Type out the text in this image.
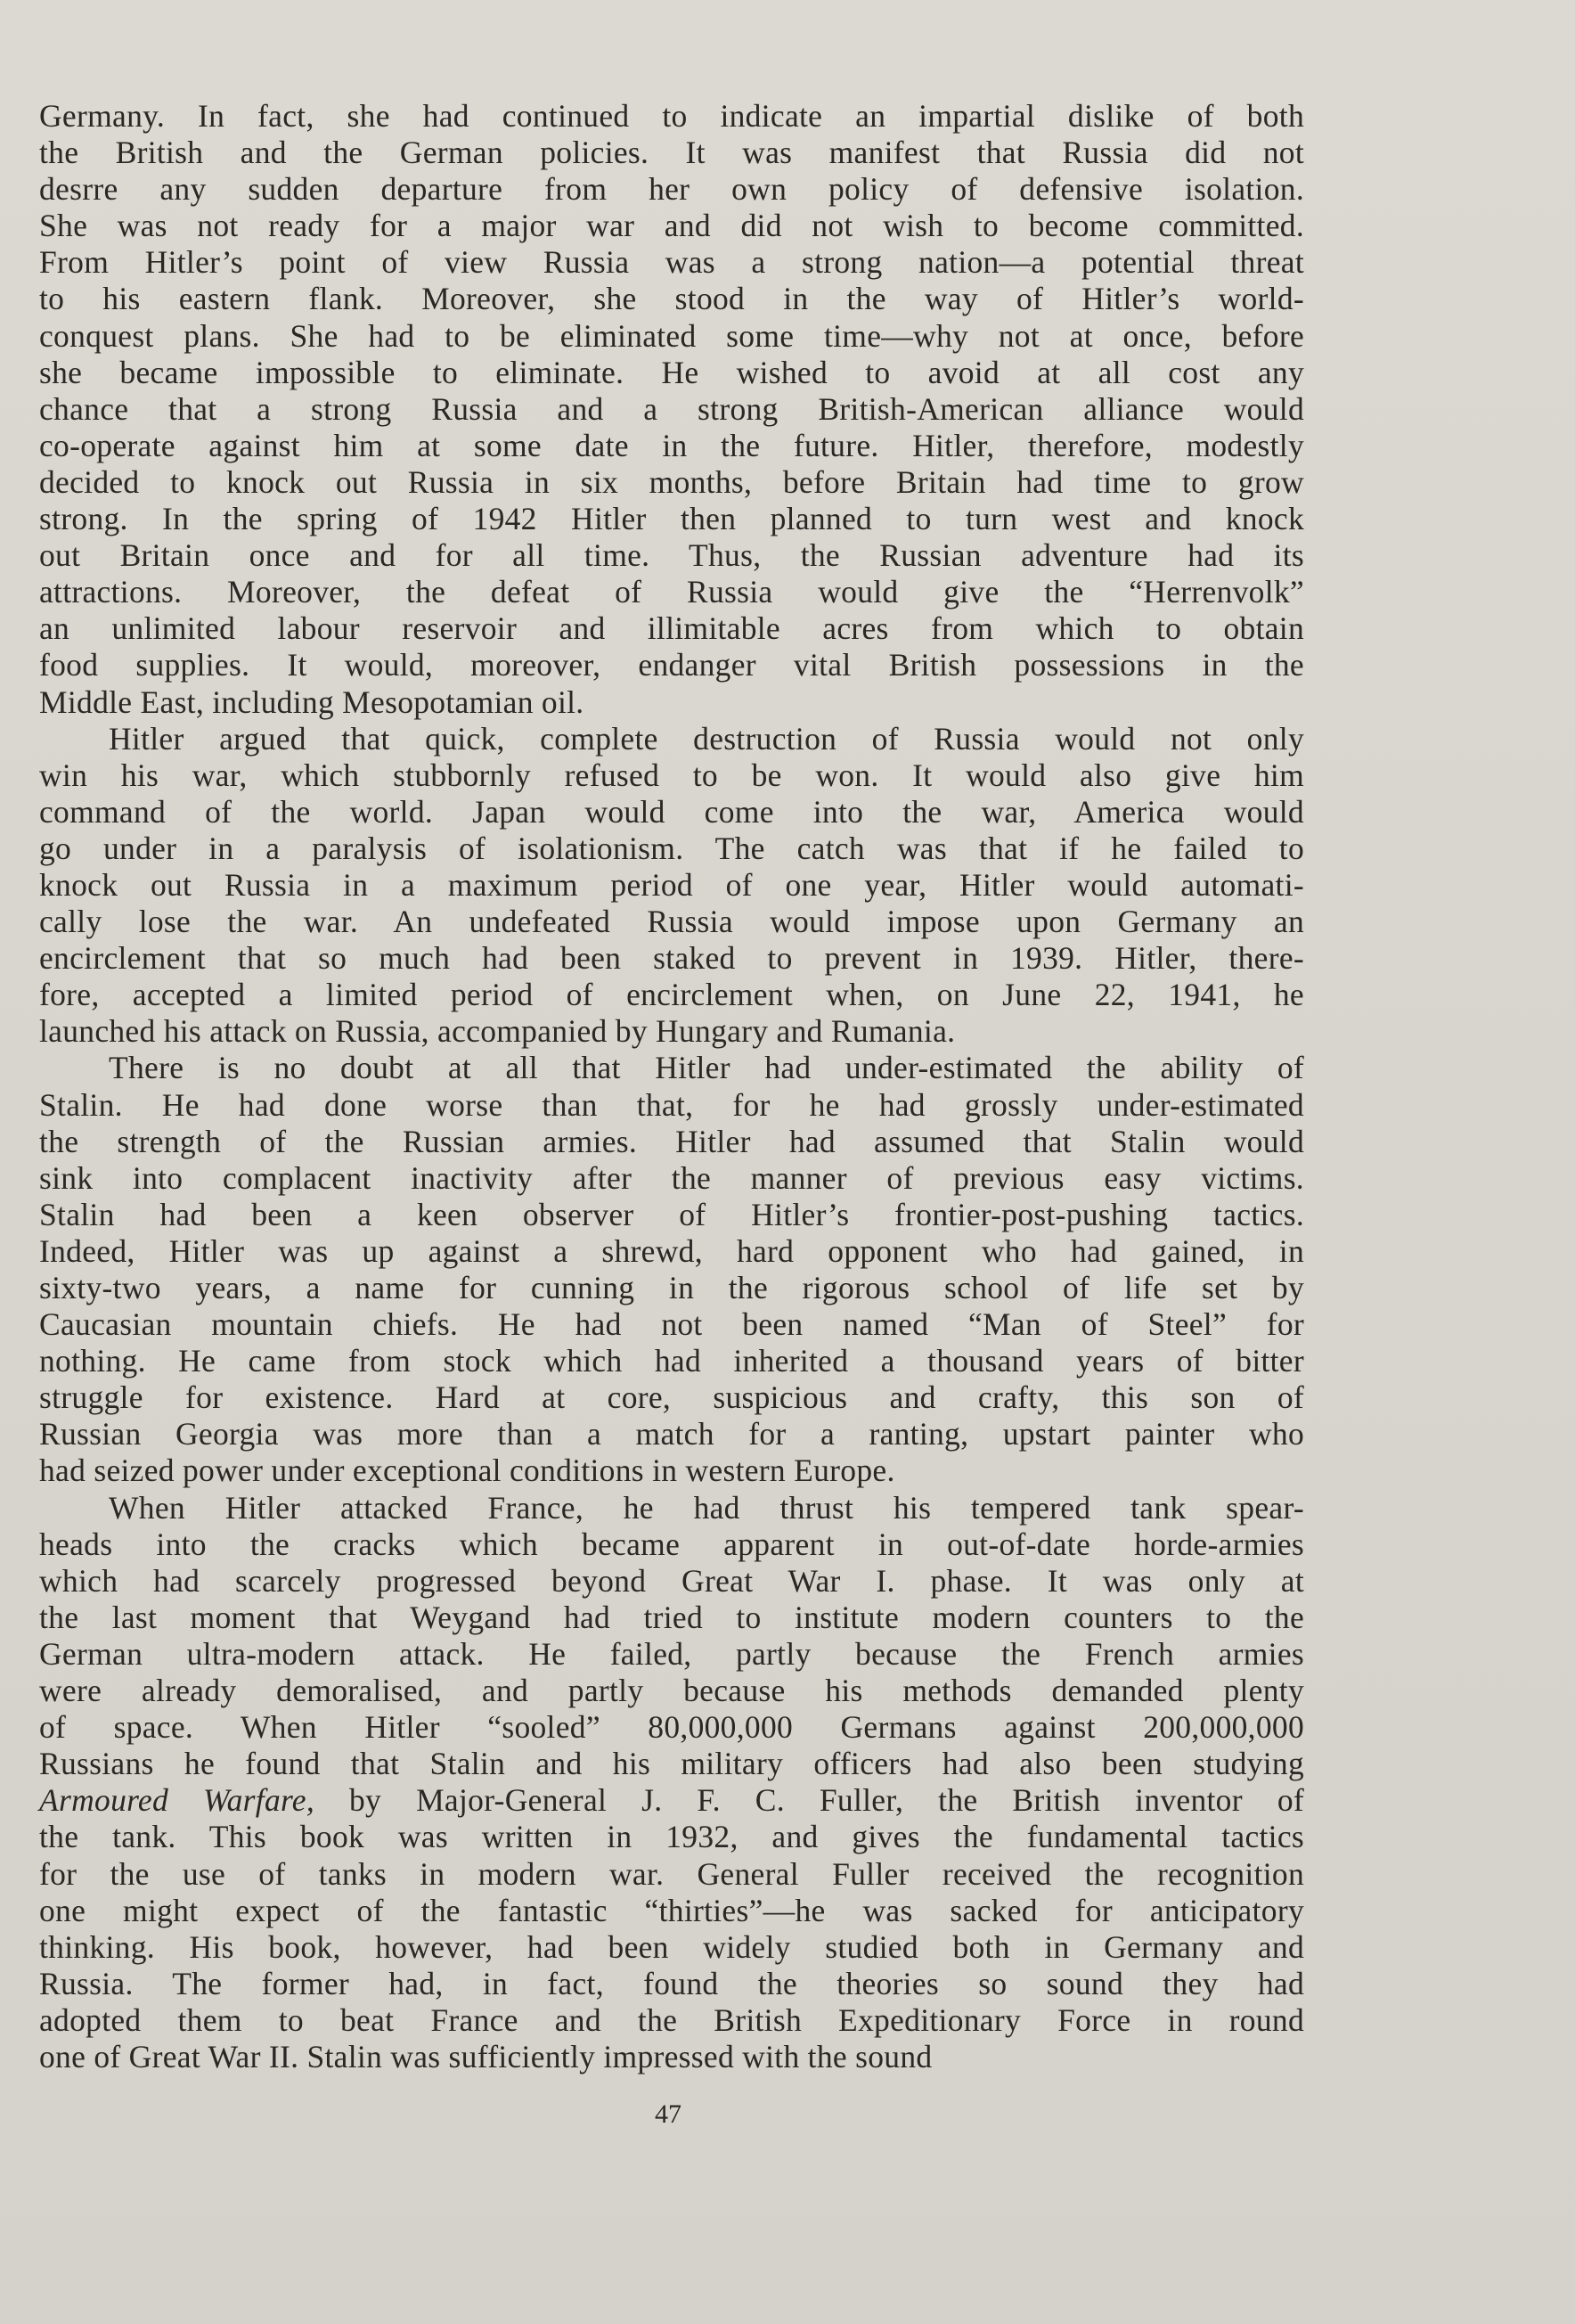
Germany. In fact, she had continued to indicate an impartial dislike of both
the British and the German policies. It was manifest that Russia did not
desrre any sudden departure from her own policy of defensive isolation.
She was not ready for a major war and did not wish to become committed.
From Hitler’s point of view Russia was a strong nation—a potential threat
to his eastern flank. Moreover, she stood in the way of Hitler’s world-
conquest plans. She had to be eliminated some time—why not at once, before
she became impossible to eliminate. He wished to avoid at all cost any
chance that a strong Russia and a strong British-American alliance would
co-operate against him at some date in the future. Hitler, therefore, modestly
decided to knock out Russia in six months, before Britain had time to grow
strong. In the spring of 1942 Hitler then planned to turn west and knock
out Britain once and for all time. Thus, the Russian adventure had its
attractions. Moreover, the defeat of Russia would give the “Herrenvolk”
an unlimited labour reservoir and illimitable acres from which to obtain
food supplies. It would, moreover, endanger vital British possessions in the
Middle East, including Mesopotamian oil.
Hitler argued that quick, complete destruction of Russia would not only
win his war, which stubbornly refused to be won. It would also give him
command of the world. Japan would come into the war, America would
go under in a paralysis of isolationism. The catch was that if he failed to
knock out Russia in a maximum period of one year, Hitler would automati-
cally lose the war. An undefeated Russia would impose upon Germany an
encirclement that so much had been staked to prevent in 1939. Hitler, there-
fore, accepted a limited period of encirclement when, on June 22, 1941, he
launched his attack on Russia, accompanied by Hungary and Rumania.
There is no doubt at all that Hitler had under-estimated the ability of
Stalin. He had done worse than that, for he had grossly under-estimated
the strength of the Russian armies. Hitler had assumed that Stalin would
sink into complacent inactivity after the manner of previous easy victims.
Stalin had been a keen observer of Hitler’s frontier-post-pushing tactics.
Indeed, Hitler was up against a shrewd, hard opponent who had gained, in
sixty-two years, a name for cunning in the rigorous school of life set by
Caucasian mountain chiefs. He had not been named “Man of Steel” for
nothing. He came from stock which had inherited a thousand years of bitter
struggle for existence. Hard at core, suspicious and crafty, this son of
Russian Georgia was more than a match for a ranting, upstart painter who
had seized power under exceptional conditions in western Europe.
When Hitler attacked France, he had thrust his tempered tank spear-
heads into the cracks which became apparent in out-of-date horde-armies
which had scarcely progressed beyond Great War I. phase. It was only at
the last moment that Weygand had tried to institute modern counters to the
German ultra-modern attack. He failed, partly because the French armies
were already demoralised, and partly because his methods demanded plenty
of space. When Hitler “sooled” 80,000,000 Germans against 200,000,000
Russians he found that Stalin and his military officers had also been studying
Armoured Warfare, by Major-General J. F. C. Fuller, the British inventor of
the tank. This book was written in 1932, and gives the fundamental tactics
for the use of tanks in modern war. General Fuller received the recognition
one might expect of the fantastic “thirties”—he was sacked for anticipatory
thinking. His book, however, had been widely studied both in Germany and
Russia. The former had, in fact, found the theories so sound they had
adopted them to beat France and the British Expeditionary Force in round
one of Great War II. Stalin was sufficiently impressed with the sound
47
